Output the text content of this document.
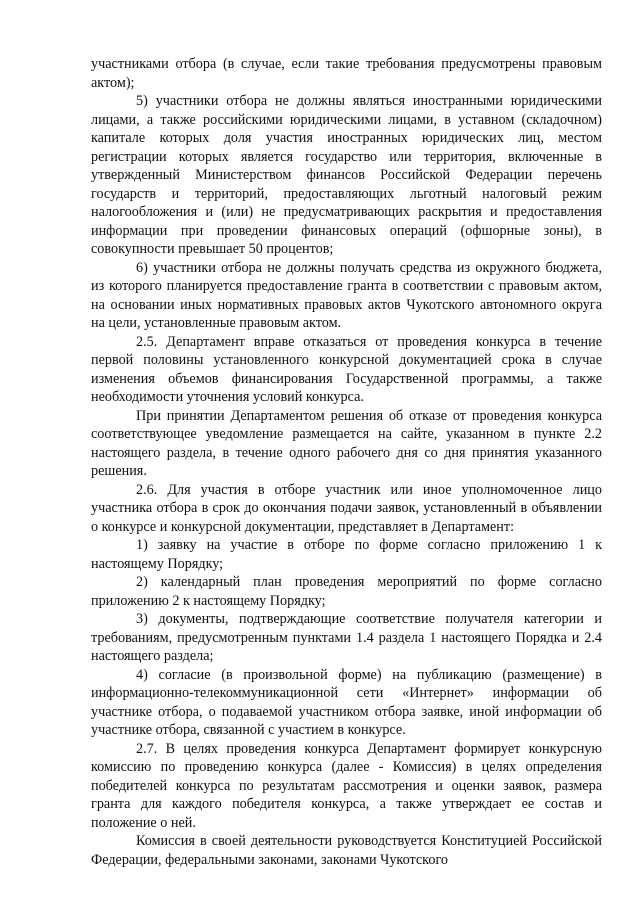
участниками отбора (в случае, если такие требования предусмотрены правовым актом);

5) участники отбора не должны являться иностранными юридическими лицами, а также российскими юридическими лицами, в уставном (складочном) капитале которых доля участия иностранных юридических лиц, местом регистрации которых является государство или территория, включенные в утвержденный Министерством финансов Российской Федерации перечень государств и территорий, предоставляющих льготный налоговый режим налогообложения и (или) не предусматривающих раскрытия и предоставления информации при проведении финансовых операций (офшорные зоны), в совокупности превышает 50 процентов;

6) участники отбора не должны получать средства из окружного бюджета, из которого планируется предоставление гранта в соответствии с правовым актом, на основании иных нормативных правовых актов Чукотского автономного округа на цели, установленные правовым актом.

2.5. Департамент вправе отказаться от проведения конкурса в течение первой половины установленного конкурсной документацией срока в случае изменения объемов финансирования Государственной программы, а также необходимости уточнения условий конкурса.

При принятии Департаментом решения об отказе от проведения конкурса соответствующее уведомление размещается на сайте, указанном в пункте 2.2 настоящего раздела, в течение одного рабочего дня со дня принятия указанного решения.

2.6. Для участия в отборе участник или иное уполномоченное лицо участника отбора в срок до окончания подачи заявок, установленный в объявлении о конкурсе и конкурсной документации, представляет в Департамент:

1) заявку на участие в отборе по форме согласно приложению 1 к настоящему Порядку;

2) календарный план проведения мероприятий по форме согласно приложению 2 к настоящему Порядку;

3) документы, подтверждающие соответствие получателя категории и требованиям, предусмотренным пунктами 1.4 раздела 1 настоящего Порядка и 2.4 настоящего раздела;

4) согласие (в произвольной форме) на публикацию (размещение) в информационно-телекоммуникационной сети «Интернет» информации об участнике отбора, о подаваемой участником отбора заявке, иной информации об участнике отбора, связанной с участием в конкурсе.

2.7. В целях проведения конкурса Департамент формирует конкурсную комиссию по проведению конкурса (далее - Комиссия) в целях определения победителей конкурса по результатам рассмотрения и оценки заявок, размера гранта для каждого победителя конкурса, а также утверждает ее состав и положение о ней.

Комиссия в своей деятельности руководствуется Конституцией Российской Федерации, федеральными законами, законами Чукотского
